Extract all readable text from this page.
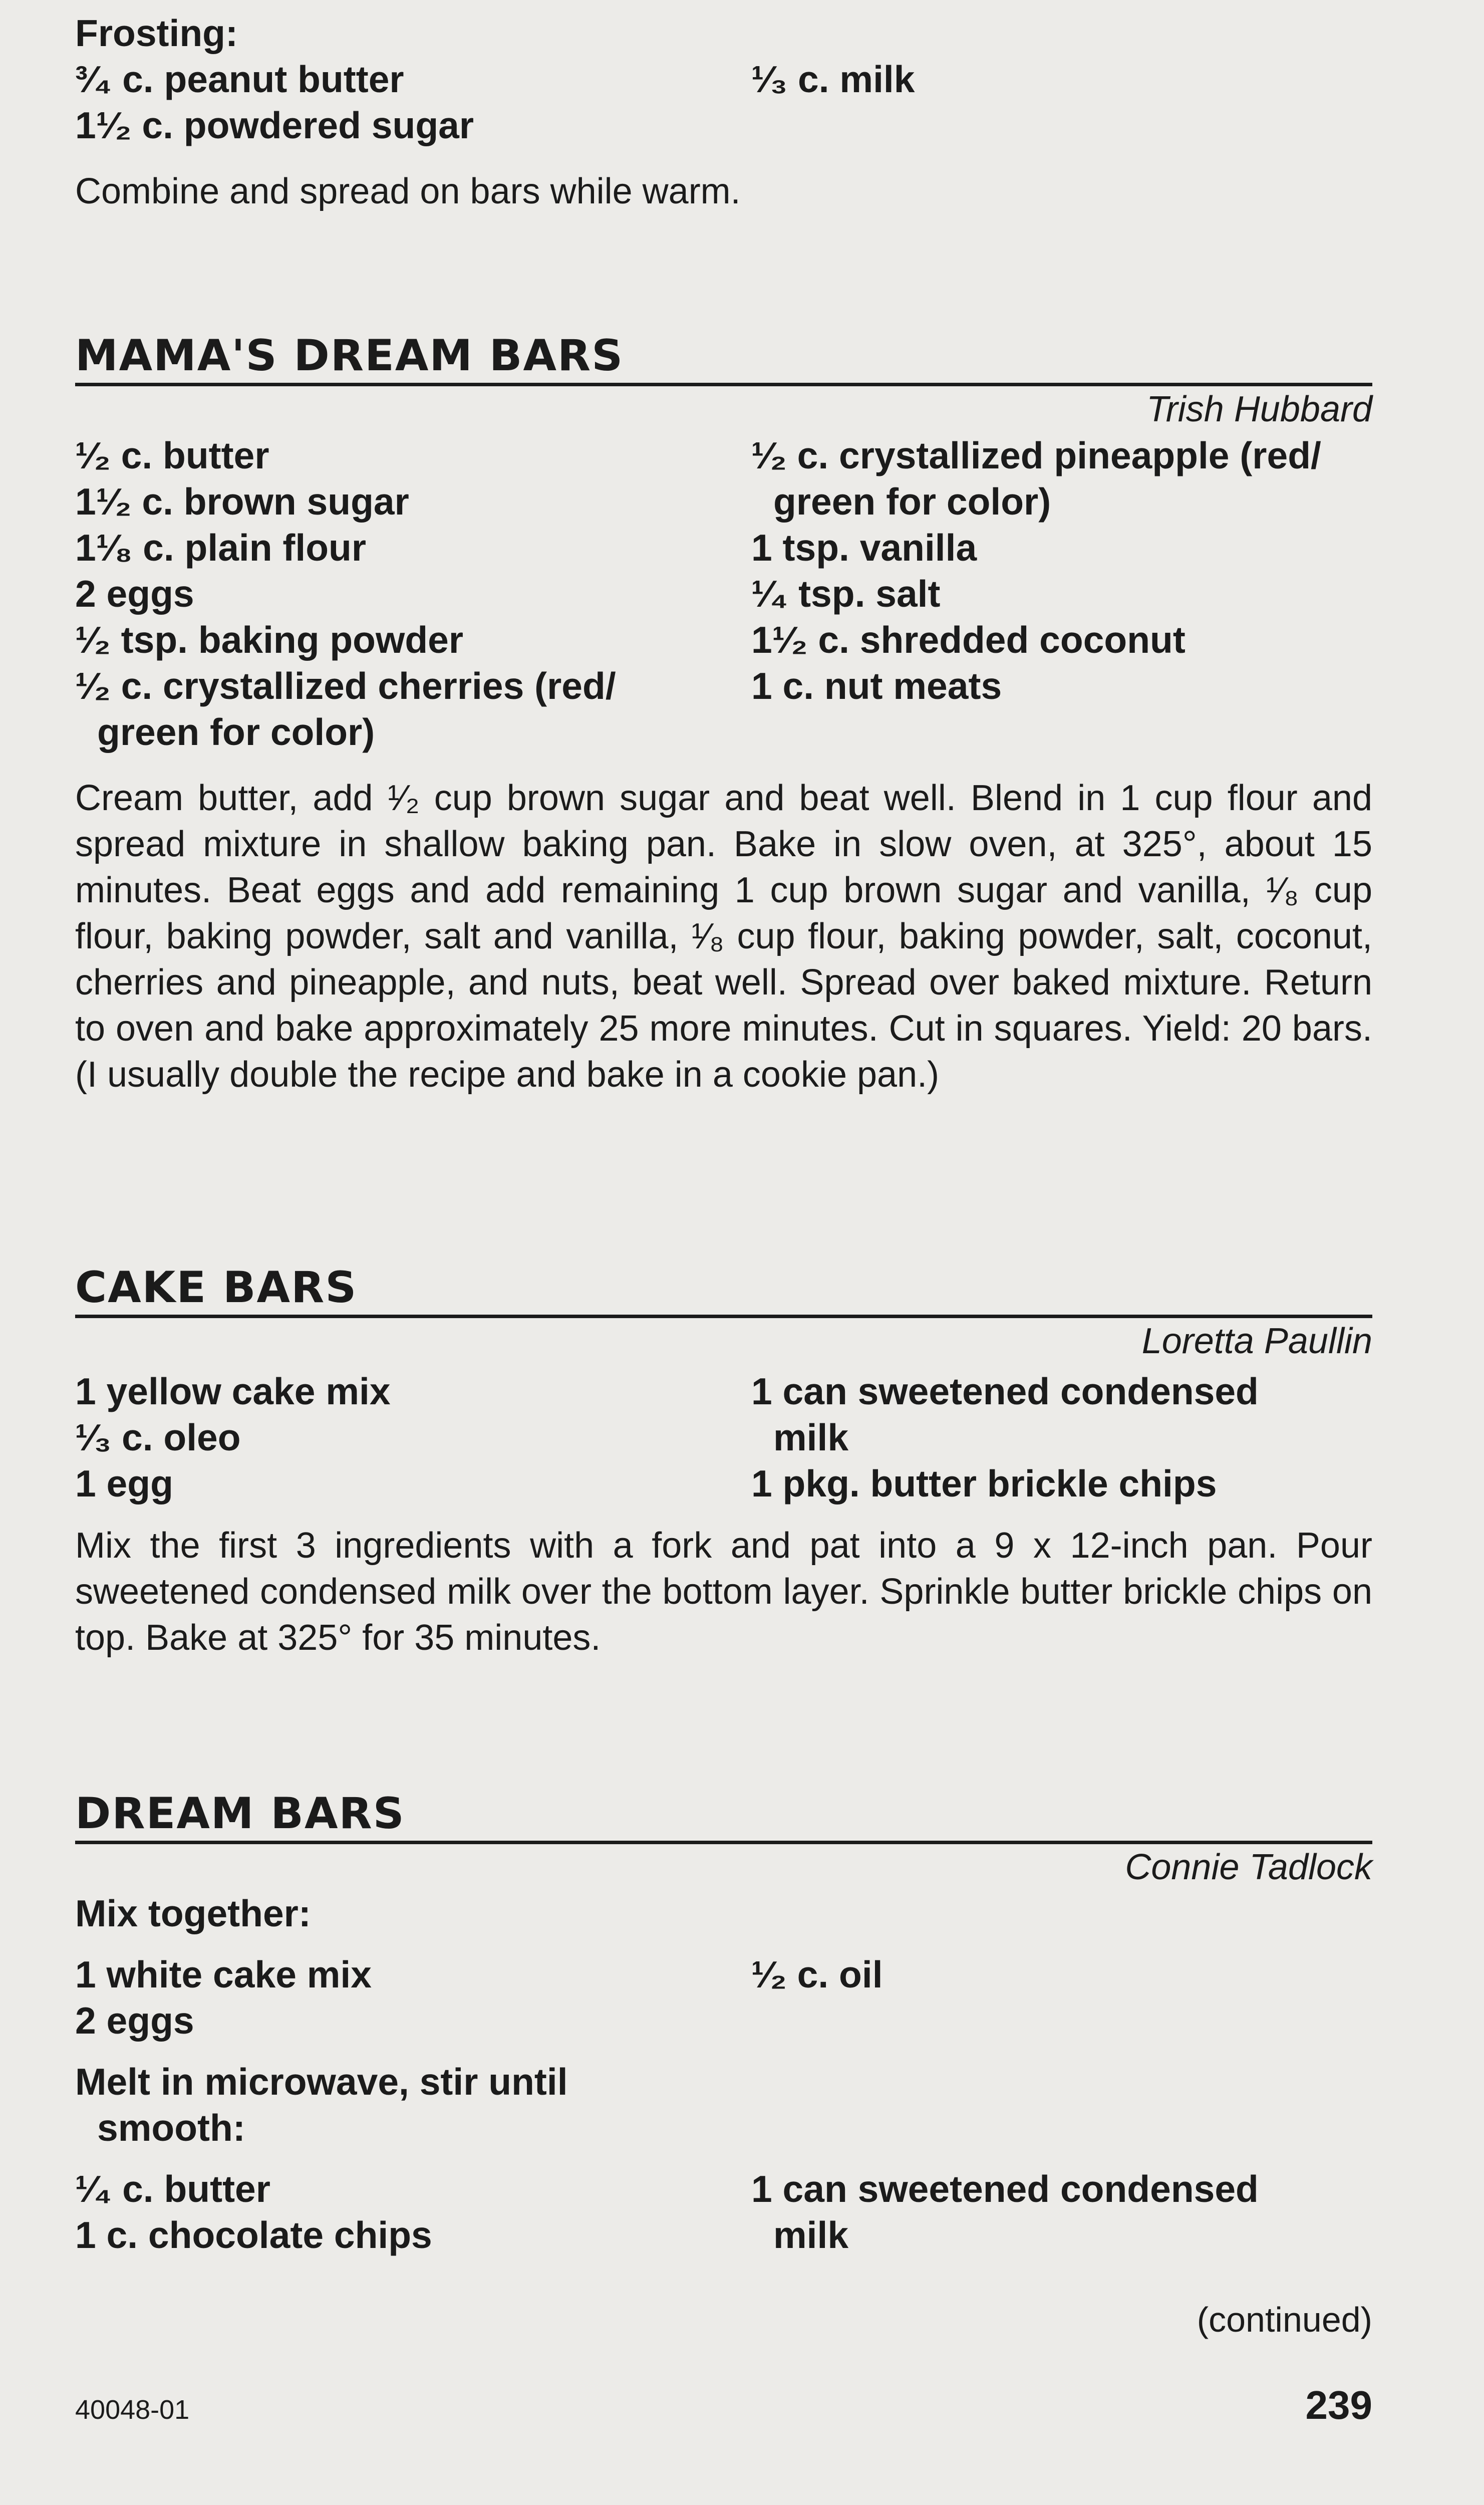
Frosting:
³⁄₄ c. peanut butter
1¹⁄₂ c. powdered sugar
¹⁄₃ c. milk
Combine and spread on bars while warm.
MAMA'S DREAM BARS
Trish Hubbard
¹⁄₂ c. butter
1¹⁄₂ c. brown sugar
1¹⁄₈ c. plain flour
2 eggs
¹⁄₂ tsp. baking powder
¹⁄₂ c. crystallized cherries (red/
green for color)
¹⁄₂ c. crystallized pineapple (red/
green for color)
1 tsp. vanilla
¹⁄₄ tsp. salt
1¹⁄₂ c. shredded coconut
1 c. nut meats
Cream butter, add ¹⁄₂ cup brown sugar and beat well. Blend in 1 cup flour and spread mixture in shallow baking pan. Bake in slow oven, at 325°, about 15 minutes. Beat eggs and add remaining 1 cup brown sugar and vanilla, ¹⁄₈ cup flour, baking powder, salt and vanilla, ¹⁄₈ cup flour, baking powder, salt, coconut, cherries and pineapple, and nuts, beat well. Spread over baked mixture. Return to oven and bake approximately 25 more minutes. Cut in squares. Yield: 20 bars. (I usually double the recipe and bake in a cookie pan.)
CAKE BARS
Loretta Paullin
1 yellow cake mix
¹⁄₃ c. oleo
1 egg
1 can sweetened condensed
milk
1 pkg. butter brickle chips
Mix the first 3 ingredients with a fork and pat into a 9 x 12-inch pan. Pour sweetened condensed milk over the bottom layer. Sprinkle butter brickle chips on top. Bake at 325° for 35 minutes.
DREAM BARS
Connie Tadlock
Mix together:
1 white cake mix
2 eggs
¹⁄₂ c. oil
Melt in microwave, stir until
smooth:
¹⁄₄ c. butter
1 c. chocolate chips
1 can sweetened condensed
milk
(continued)
40048-01	239
